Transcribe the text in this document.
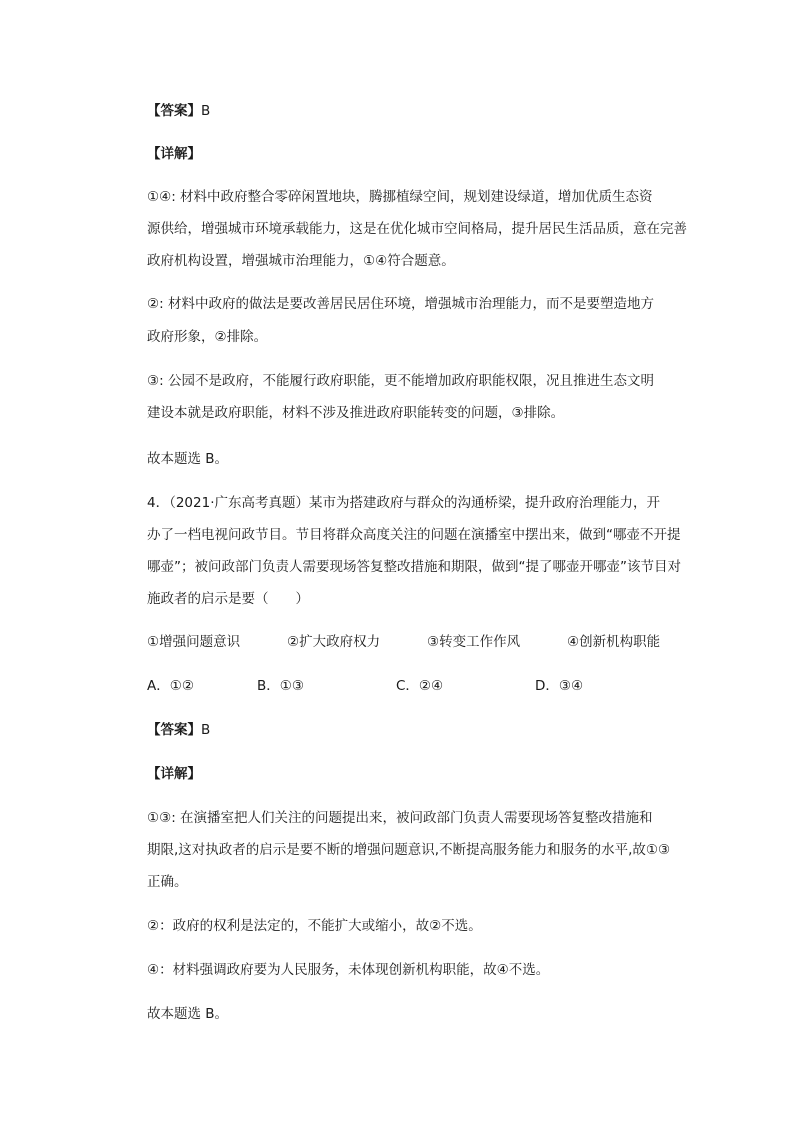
【答案】B
【详解】
①④: 材料中政府整合零碎闲置地块，腾挪植绿空间，规划建设绿道，增加优质生态资
源供给，增强城市环境承载能力，这是在优化城市空间格局，提升居民生活品质，意在完善
政府机构设置，增强城市治理能力，①④符合题意。
②: 材料中政府的做法是要改善居民居住环境，增强城市治理能力，而不是要塑造地方
政府形象，②排除。
③: 公园不是政府，不能履行政府职能，更不能增加政府职能权限，况且推进生态文明
建设本就是政府职能，材料不涉及推进政府职能转变的问题，③排除。
故本题选 B。
4．（2021·广东高考真题）某市为搭建政府与群众的沟通桥梁，提升政府治理能力，开
办了一档电视问政节目。节目将群众高度关注的问题在演播室中摆出来，做到“哪壶不开提
哪壶”；被问政部门负责人需要现场答复整改措施和期限，做到“提了哪壶开哪壶”该节目对
施政者的启示是要（　　）
①增强问题意识	②扩大政府权力	③转变工作作风	④创新机构职能
A．①②	B．①③	C．②④	D．③④
【答案】B
【详解】
①③: 在演播室把人们关注的问题提出来，被问政部门负责人需要现场答复整改措施和
期限,这对执政者的启示是要不断的增强问题意识,不断提高服务能力和服务的水平,故①③
正确。
②：政府的权利是法定的，不能扩大或缩小，故②不选。
④：材料强调政府要为人民服务，未体现创新机构职能，故④不选。
故本题选 B。
